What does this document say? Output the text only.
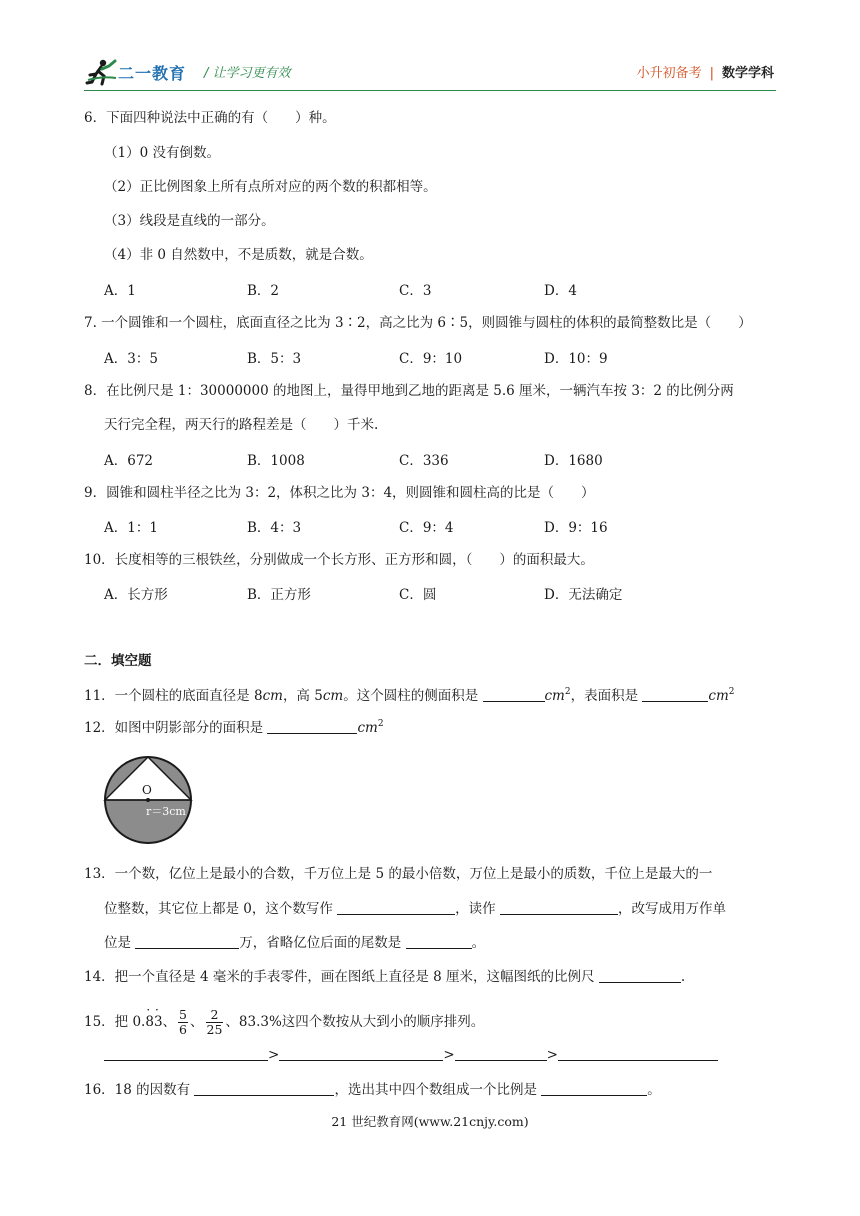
二一教育 / 让学习更有效	小升初备考 | 数学学科
6．下面四种说法中正确的有（　　）种。
（1）0 没有倒数。
（2）正比例图象上所有点所对应的两个数的积都相等。
（3）线段是直线的一部分。
（4）非 0 自然数中，不是质数，就是合数。
A．1	B．2	C．3	D．4
7. 一个圆锥和一个圆柱，底面直径之比为 3∶2，高之比为 6∶5，则圆锥与圆柱的体积的最简整数比是（　　）
A．3：5	B．5：3	C．9：10	D．10：9
8．在比例尺是 1：30000000 的地图上，量得甲地到乙地的距离是 5.6 厘米，一辆汽车按 3：2 的比例分两
天行完全程，两天行的路程差是（　　）千米.
A．672	B．1008	C．336	D．1680
9．圆锥和圆柱半径之比为 3：2，体积之比为 3：4，则圆锥和圆柱高的比是（　　）
A．1：1	B．4：3	C．9：4	D．9：16
10．长度相等的三根铁丝，分别做成一个长方形、正方形和圆，（　　）的面积最大。
A．长方形	B．正方形	C．圆	D．无法确定
二．填空题
11．一个圆柱的底面直径是 8cm，高 5cm。这个圆柱的侧面积是	$cm^2$，表面积是	$cm^2$
12．如图中阴影部分的面积是	$cm^2$
O
r＝3cm
13．一个数，亿位上是最小的合数，千万位上是 5 的最小倍数，万位上是最小的质数，千位上是最大的一
位整数，其它位上都是 0，这个数写作	，读作	，改写成用万作单
位是	万，省略亿位后面的尾数是	。
14．把一个直径是 4 毫米的手表零件，画在图纸上直径是 8 厘米，这幅图纸的比例尺	.
15．把 0.· 8· 3、 $\frac{5}{6}$ 、 $\frac{2}{25}$ 、83.3%这四个数按从大到小的顺序排列。
>	>	>
16．18 的因数有	，选出其中四个数组成一个比例是	。
21 世纪教育网(www.21cnjy.com)
